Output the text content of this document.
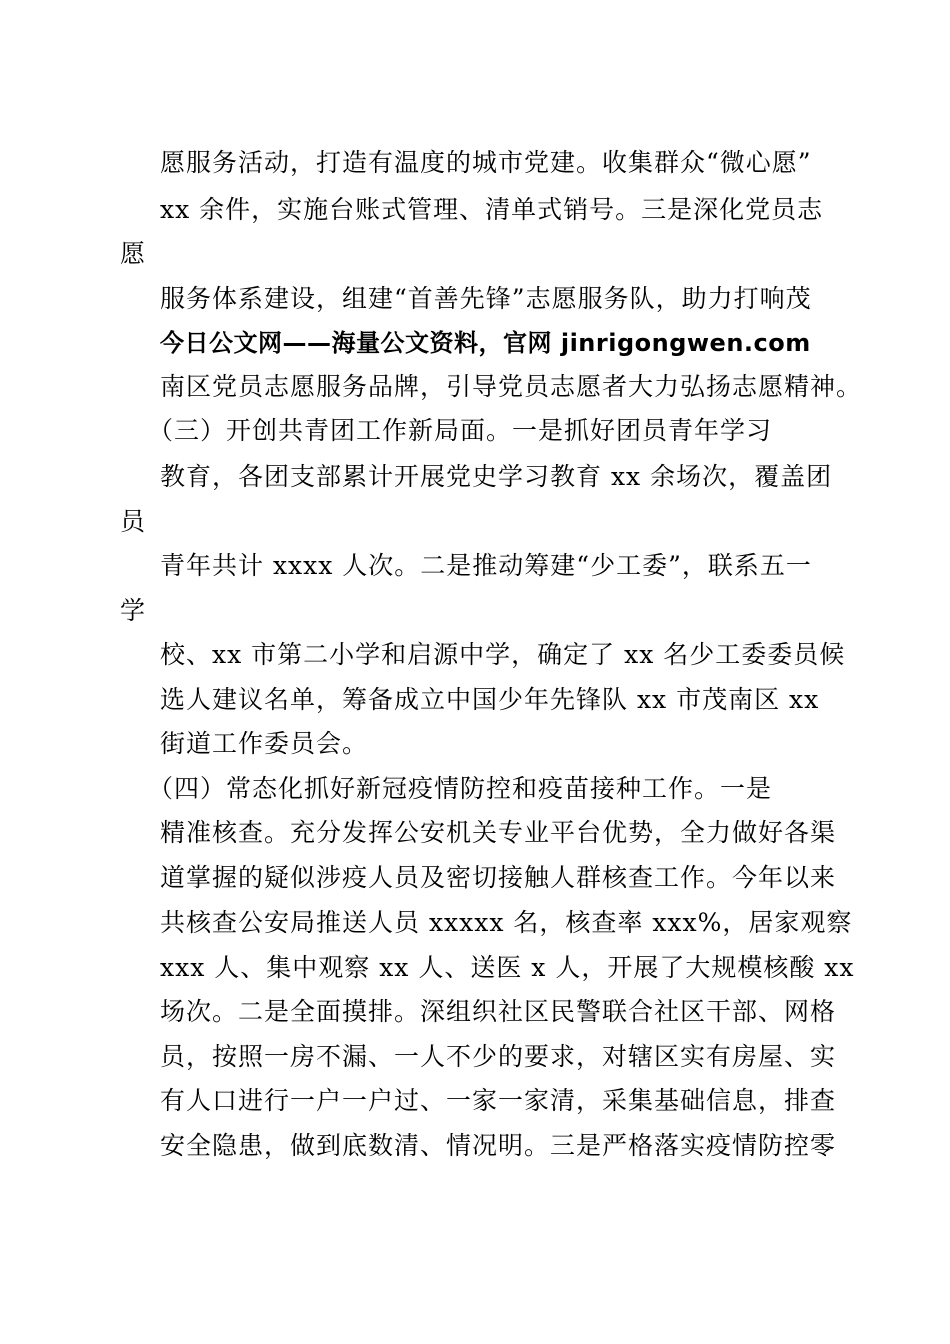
愿服务活动，打造有温度的城市党建。收集群众“微心愿”
xx 余件，实施台账式管理、清单式销号。三是深化党员志
愿
服务体系建设，组建“首善先锋”志愿服务队，助力打响茂
今日公文网——海量公文资料，官网 jinrigongwen.com
南区党员志愿服务品牌，引导党员志愿者大力弘扬志愿精神。
（三）开创共青团工作新局面。一是抓好团员青年学习
教育，各团支部累计开展党史学习教育 xx 余场次，覆盖团
员
青年共计 xxxx 人次。二是推动筹建“少工委”，联系五一
学
校、xx 市第二小学和启源中学，确定了 xx 名少工委委员候
选人建议名单，筹备成立中国少年先锋队 xx 市茂南区 xx
街道工作委员会。
（四）常态化抓好新冠疫情防控和疫苗接种工作。一是
精准核查。充分发挥公安机关专业平台优势，全力做好各渠
道掌握的疑似涉疫人员及密切接触人群核查工作。今年以来
共核查公安局推送人员 xxxxx 名，核查率 xxx%，居家观察
xxx 人、集中观察 xx 人、送医 x 人，开展了大规模核酸 xx
场次。二是全面摸排。深组织社区民警联合社区干部、网格
员，按照一房不漏、一人不少的要求，对辖区实有房屋、实
有人口进行一户一户过、一家一家清，采集基础信息，排查
安全隐患，做到底数清、情况明。三是严格落实疫情防控零
